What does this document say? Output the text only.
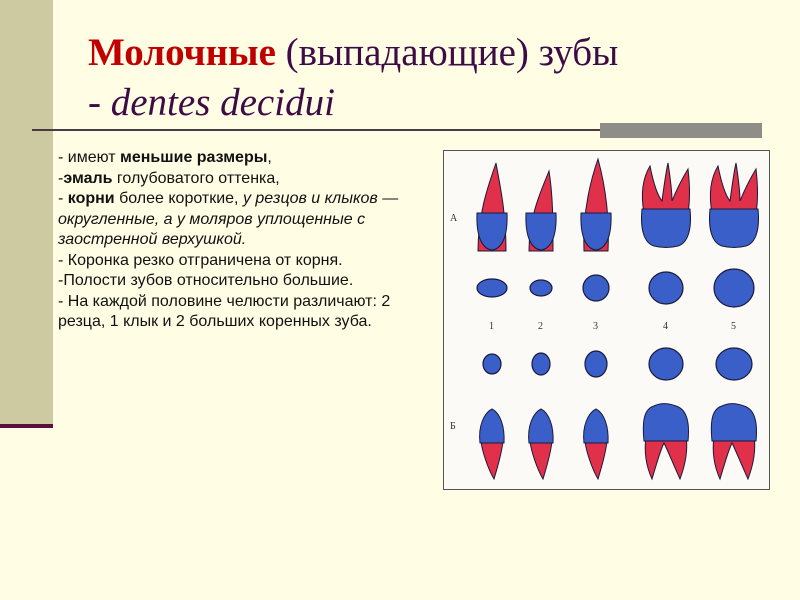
Молочные (выпадающие) зубы
- dentes decidui

- имеют меньшие размеры,

-эмаль голубоватого оттенка,

- корни более короткие, у резцов и клыков — округленные, а у моляров уплощенные с заостренной верхушкой.

- Коронка резко отграничена от корня.

-Полости зубов относительно большие.

- На каждой половине челюсти различают: 2 резца, 1 клык и 2 больших коренных зуба.

А
Б
1	2	3	4	5
